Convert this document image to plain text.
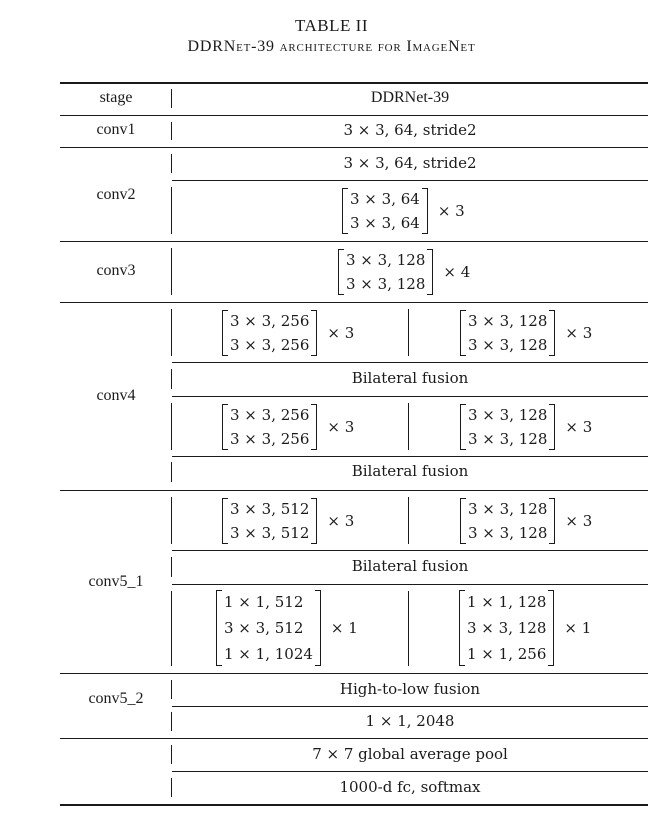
TABLE II
DDRNet-39 architecture for ImageNet
stage	DDRNet-39
conv1	3 × 3, 64, stride2
conv2
3 × 3, 64, stride2
3 × 3, 64
3 × 3, 64
× 3
conv3
3 × 3, 128
3 × 3, 128
× 4
conv4
3 × 3, 256
3 × 3, 256
× 3
3 × 3, 128
3 × 3, 128
× 3
Bilateral fusion
3 × 3, 256
3 × 3, 256
× 3
3 × 3, 128
3 × 3, 128
× 3
Bilateral fusion
conv5_1
3 × 3, 512
3 × 3, 512
× 3
3 × 3, 128
3 × 3, 128
× 3
Bilateral fusion
1 × 1, 512
3 × 3, 512
1 × 1, 1024
× 1
1 × 1, 128
3 × 3, 128
1 × 1, 256
× 1
conv5_2
High-to-low fusion
1 × 1, 2048
7 × 7 global average pool
1000-d fc, softmax
